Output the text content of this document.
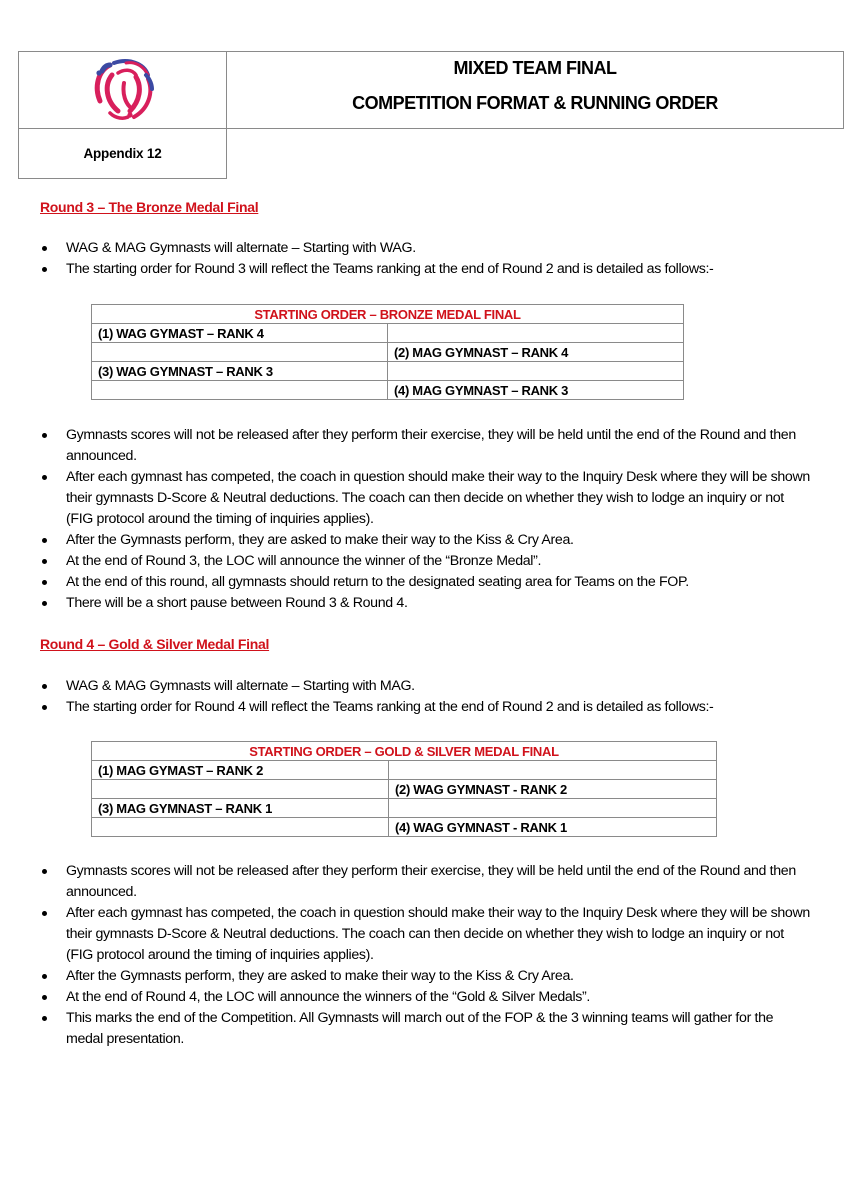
Appendix 12
MIXED TEAM FINAL
COMPETITION FORMAT & RUNNING ORDER
Round 3 – The Bronze Medal Final
WAG & MAG Gymnasts will alternate – Starting with WAG.
The starting order for Round 3 will reflect the Teams ranking at the end of Round 2 and is detailed as follows:-
STARTING ORDER – BRONZE MEDAL FINAL	
(1) WAG GYMAST – RANK 4	
	(2) MAG GYMNAST – RANK 4
(3) WAG GYMNAST – RANK 3	
	(4) MAG GYMNAST – RANK 3
Gymnasts scores will not be released after they perform their exercise, they will be held until the end of the Round and then announced.
After each gymnast has competed, the coach in question should make their way to the Inquiry Desk where they will be shown their gymnasts D-Score & Neutral deductions. The coach can then decide on whether they wish to lodge an inquiry or not (FIG protocol around the timing of inquiries applies).
After the Gymnasts perform, they are asked to make their way to the Kiss & Cry Area.
At the end of Round 3, the LOC will announce the winner of the “Bronze Medal”.
At the end of this round, all gymnasts should return to the designated seating area for Teams on the FOP.
There will be a short pause between Round 3 & Round 4.
Round 4 – Gold & Silver Medal Final
WAG & MAG Gymnasts will alternate – Starting with MAG.
The starting order for Round 4 will reflect the Teams ranking at the end of Round 2 and is detailed as follows:-
STARTING ORDER – GOLD & SILVER MEDAL FINAL	
(1) MAG GYMAST – RANK 2	
	(2) WAG GYMNAST - RANK 2
(3) MAG GYMNAST – RANK 1	
	(4) WAG GYMNAST - RANK 1
Gymnasts scores will not be released after they perform their exercise, they will be held until the end of the Round and then announced.
After each gymnast has competed, the coach in question should make their way to the Inquiry Desk where they will be shown their gymnasts D-Score & Neutral deductions. The coach can then decide on whether they wish to lodge an inquiry or not (FIG protocol around the timing of inquiries applies).
After the Gymnasts perform, they are asked to make their way to the Kiss & Cry Area.
At the end of Round 4, the LOC will announce the winners of the “Gold & Silver Medals”.
This marks the end of the Competition. All Gymnasts will march out of the FOP & the 3 winning teams will gather for the medal presentation.
